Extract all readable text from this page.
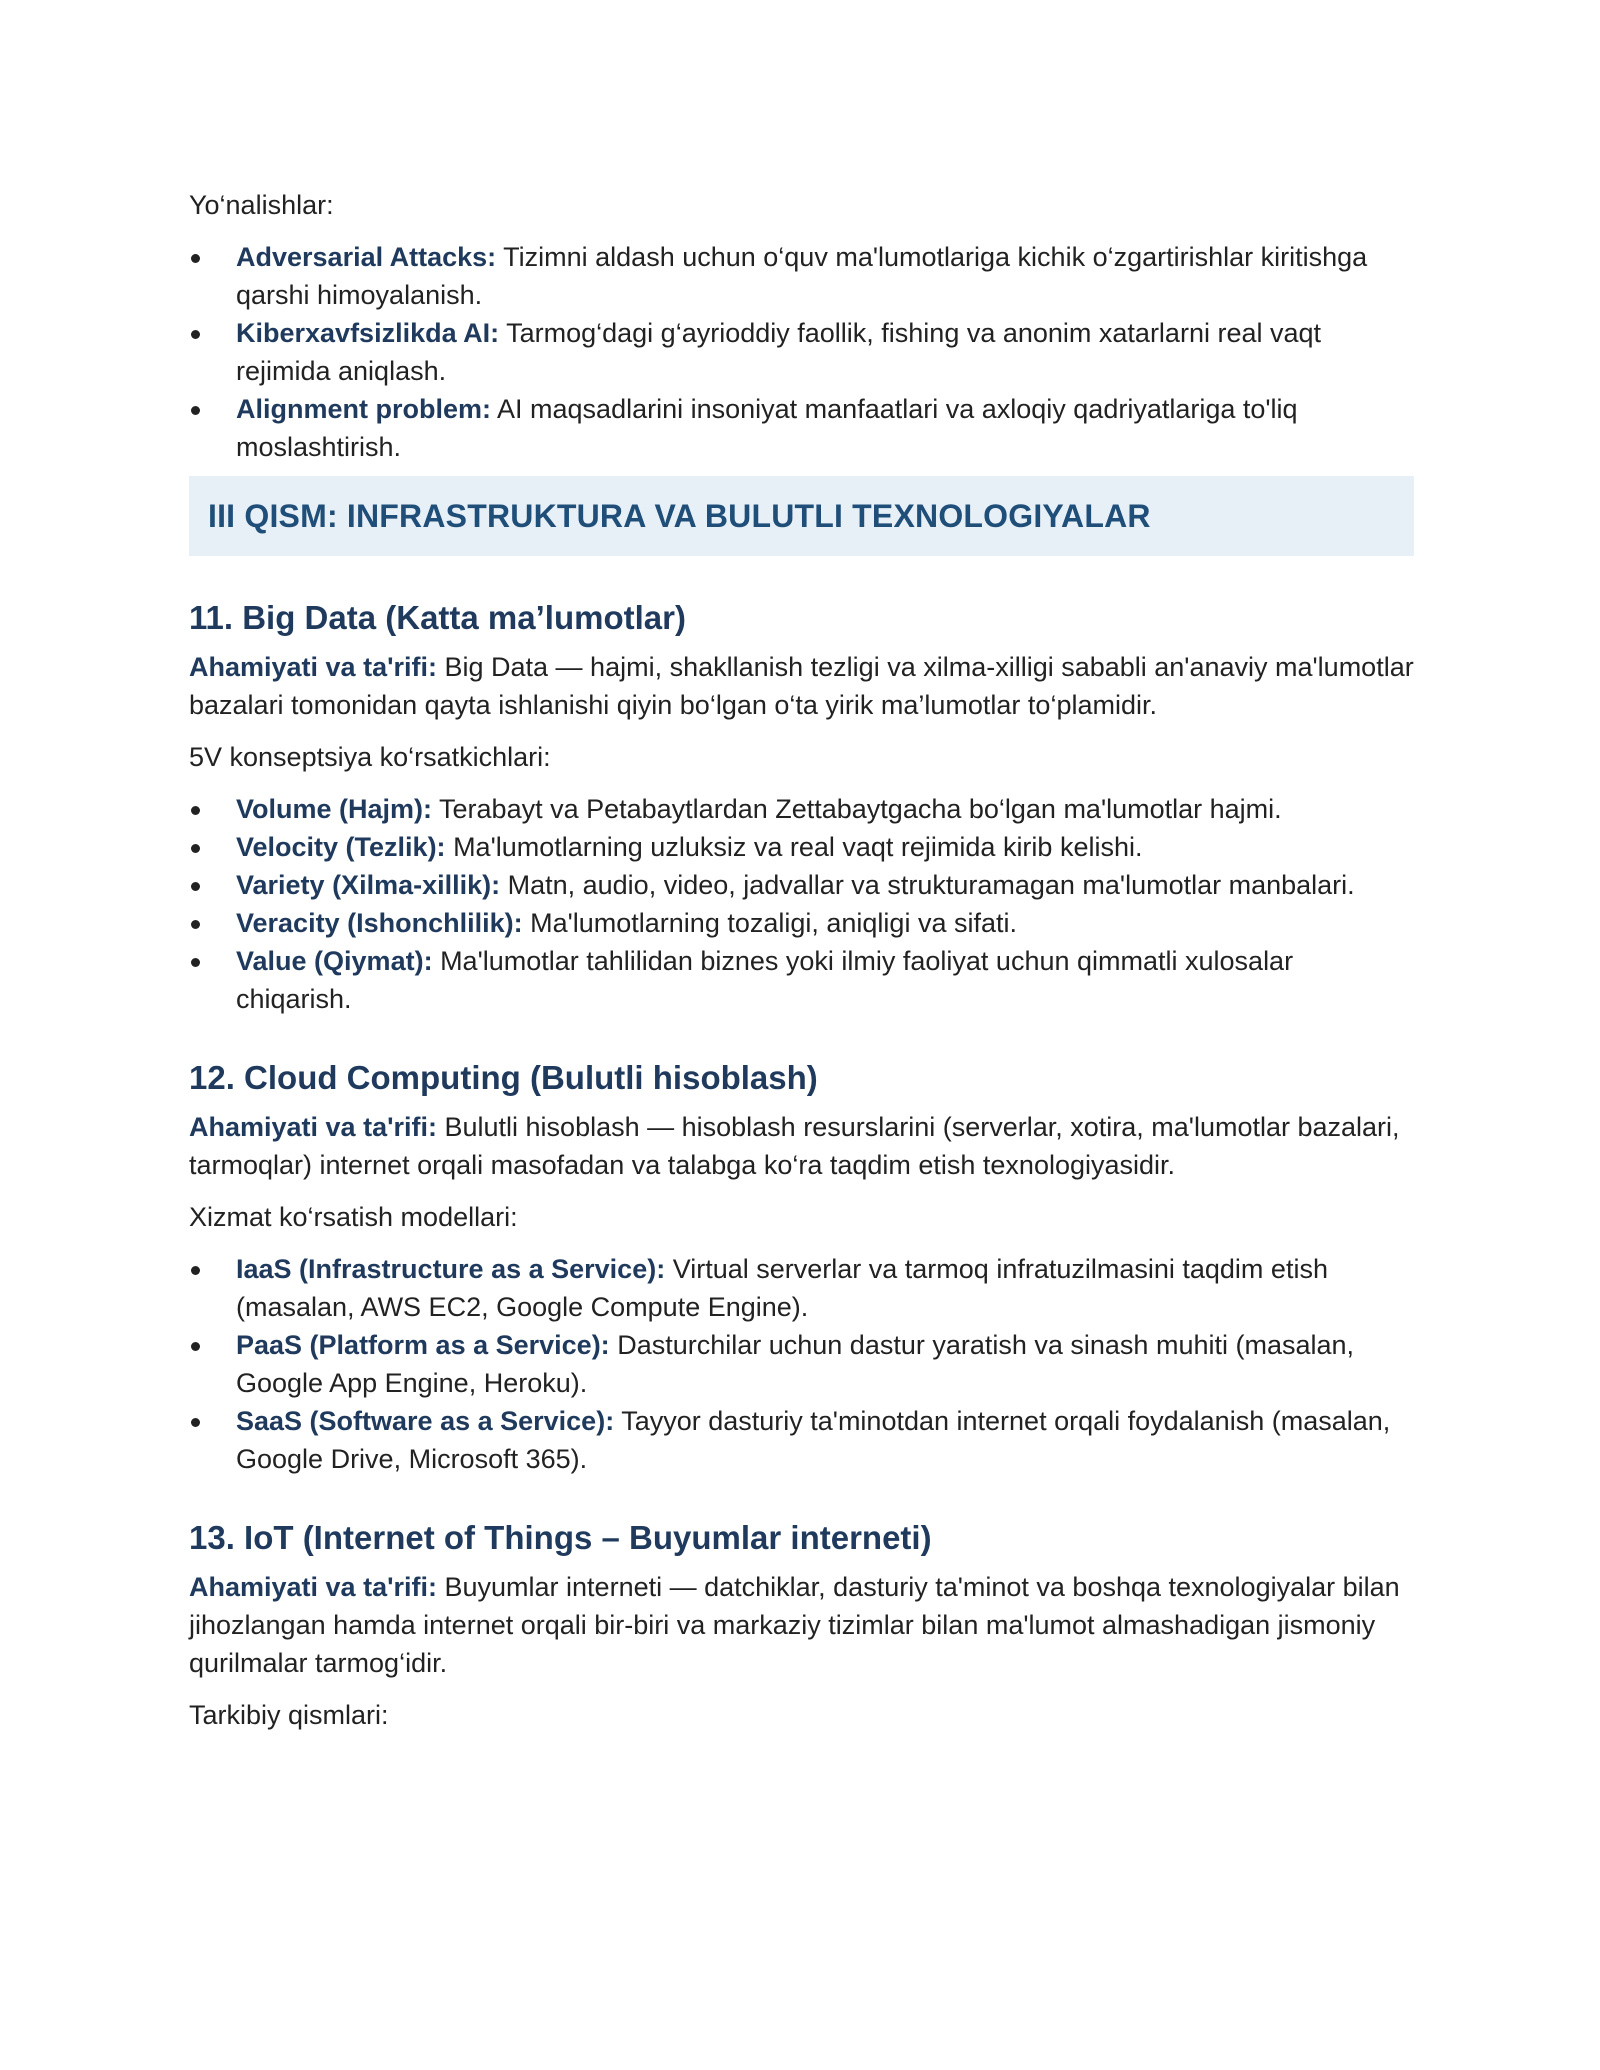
Yo‘nalishlar:

Adversarial Attacks: Tizimni aldash uchun o‘quv ma'lumotlariga kichik o‘zgartirishlar kiritishga qarshi himoyalanish.
Kiberxavfsizlikda AI: Tarmog‘dagi g‘ayrioddiy faollik, fishing va anonim xatarlarni real vaqt rejimida aniqlash.
Alignment problem: AI maqsadlarini insoniyat manfaatlari va axloqiy qadriyatlariga to'liq moslashtirish.
III QISM: INFRASTRUKTURA VA BULUTLI TEXNOLOGIYALAR
11. Big Data (Katta ma’lumotlar)

Ahamiyati va ta'rifi: Big Data — hajmi, shakllanish tezligi va xilma-xilligi sababli an'anaviy ma'lumotlar bazalari tomonidan qayta ishlanishi qiyin bo‘lgan o‘ta yirik ma’lumotlar to‘plamidir.

5V konseptsiya ko‘rsatkichlari:

Volume (Hajm): Terabayt va Petabaytlardan Zettabaytgacha bo‘lgan ma'lumotlar hajmi.
Velocity (Tezlik): Ma'lumotlarning uzluksiz va real vaqt rejimida kirib kelishi.
Variety (Xilma-xillik): Matn, audio, video, jadvallar va strukturamagan ma'lumotlar manbalari.
Veracity (Ishonchlilik): Ma'lumotlarning tozaligi, aniqligi va sifati.
Value (Qiymat): Ma'lumotlar tahlilidan biznes yoki ilmiy faoliyat uchun qimmatli xulosalar chiqarish.
12. Cloud Computing (Bulutli hisoblash)

Ahamiyati va ta'rifi: Bulutli hisoblash — hisoblash resurslarini (serverlar, xotira, ma'lumotlar bazalari, tarmoqlar) internet orqali masofadan va talabga ko‘ra taqdim etish texnologiyasidir.

Xizmat ko‘rsatish modellari:

IaaS (Infrastructure as a Service): Virtual serverlar va tarmoq infratuzilmasini taqdim etish (masalan, AWS EC2, Google Compute Engine).
PaaS (Platform as a Service): Dasturchilar uchun dastur yaratish va sinash muhiti (masalan, Google App Engine, Heroku).
SaaS (Software as a Service): Tayyor dasturiy ta'minotdan internet orqali foydalanish (masalan, Google Drive, Microsoft 365).
13. IoT (Internet of Things – Buyumlar interneti)

Ahamiyati va ta'rifi: Buyumlar interneti — datchiklar, dasturiy ta'minot va boshqa texnologiyalar bilan jihozlangan hamda internet orqali bir-biri va markaziy tizimlar bilan ma'lumot almashadigan jismoniy qurilmalar tarmog‘idir.

Tarkibiy qismlari:
